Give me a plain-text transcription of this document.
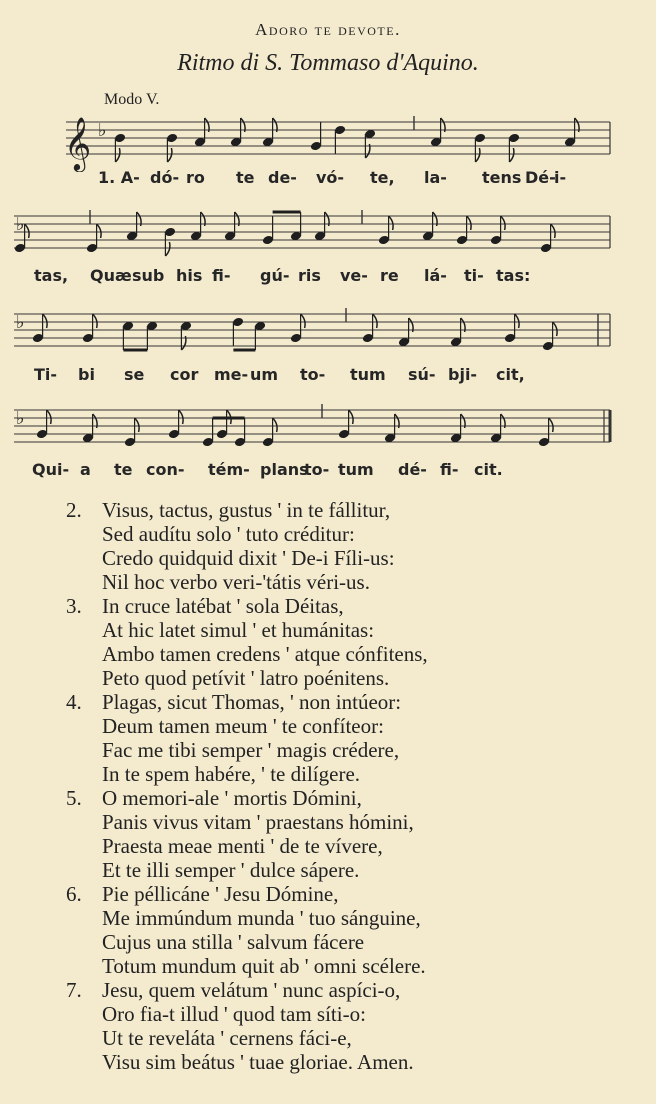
Adoro te devote.
Ritmo di S. Tommaso d'Aquino.
Modo V.
𝄞 ♭
1. A- dó- ro te de- vó- te, la- tens Dé-
i-
♭
tas, Quæ sub his fi- gú- ris ve- re lá- ti- tas:
♭
Ti- bi se cor me- um to- tum sú- bji- cit,
♭
Qui- a te con- tém- plans
to- tum dé- fi- cit.
2. Visus, tactus, gustus ' in te fállitur,
Sed audítu solo ' tuto créditur:
Credo quidquid dixit ' De-i Fíli-us:
Nil hoc verbo veri-'tátis véri-us.
3. In cruce latébat ' sola Déitas,
At hic latet simul ' et humánitas:
Ambo tamen credens ' atque cónfitens,
Peto quod petívit ' latro poénitens.
4. Plagas, sicut Thomas, ' non intúeor:
Deum tamen meum ' te confíteor:
Fac me tibi semper ' magis crédere,
In te spem habére, ' te dilígere.
5. O memori-ale ' mortis Dómini,
Panis vivus vitam ' praestans hómini,
Praesta meae menti ' de te vívere,
Et te illi semper ' dulce sápere.
6. Pie péllicáne ' Jesu Dómine,
Me immúndum munda ' tuo sánguine,
Cujus una stilla ' salvum fácere
Totum mundum quit ab ' omni scélere.
7. Jesu, quem velátum ' nunc aspíci-o,
Oro fia-t illud ' quod tam síti-o:
Ut te reveláta ' cernens fáci-e,
Visu sim beátus ' tuae gloriae. Amen.
